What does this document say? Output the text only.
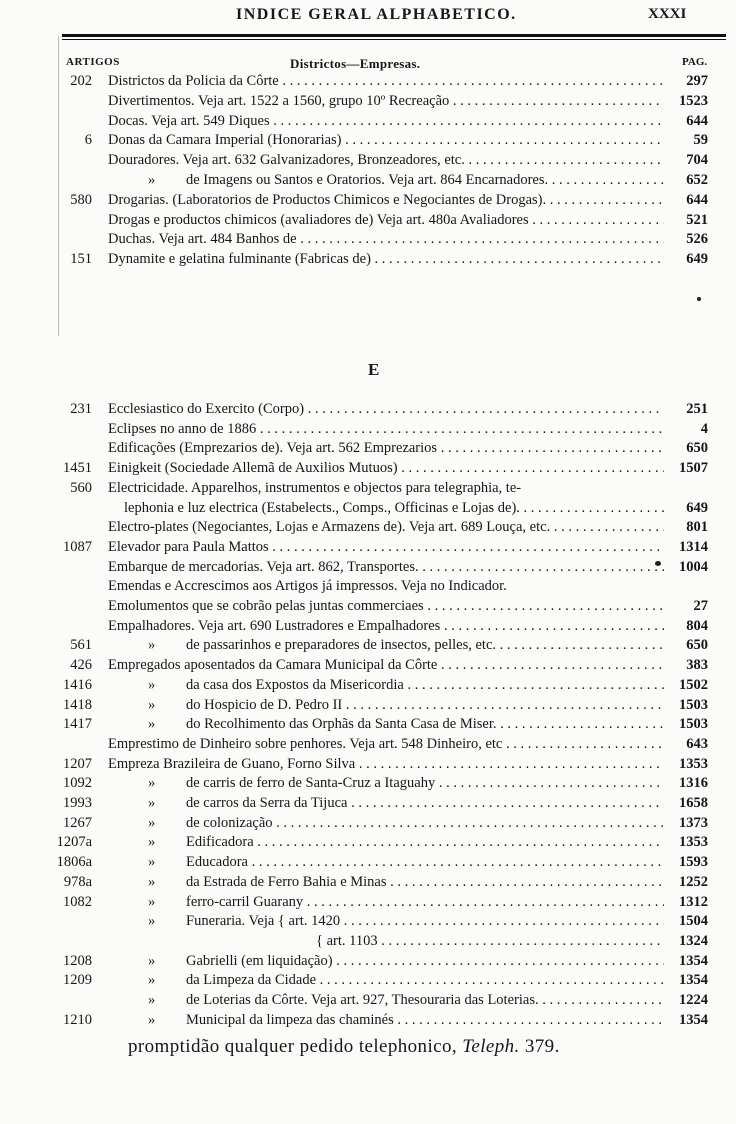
INDICE GERAL ALPHABETICO.	XXXI
ARTIGOS	Districtos—Empresas.	PAG.
202 Districtos da Policia da Côrte . . .	297
Divertimentos. Veja art. 1522 a 1560, grupo 10º Recreação . . .	1523
Docas. Veja art. 549 Diques . . .	644
6 Donas da Camara Imperial (Honorarias) . . .	59
Douradores. Veja art. 632 Galvanizadores, Bronzeadores, etc. . . .	704
» de Imagens ou Santos e Oratorios. Veja art. 864 Encarnadores. . . .	652
580 Drogarias. (Laboratorios de Productos Chimicos e Negociantes de Drogas). . . .	644
Drogas e productos chimicos (avaliadores de) Veja art. 480a Avaliadores . . .	521
Duchas. Veja art. 484 Banhos de . . .	526
151 Dynamite e gelatina fulminante (Fabricas de) . . .	649
E
231 Ecclesiastico do Exercito (Corpo) . . .	251
Eclipses no anno de 1886 . . .	4
Edificações (Emprezarios de). Veja art. 562 Emprezarios . . .	650
1451 Einigkeit (Sociedade Allemã de Auxilios Mutuos) . . .	1507
560 Electricidade. Apparelhos, instrumentos e objectos para telegraphia, te-
lephonia e luz electrica (Estabelects., Comps., Officinas e Lojas de). . . .	649
Electro-plates (Negociantes, Lojas e Armazens de). Veja art. 689 Louça, etc. . . .	801
1087 Elevador para Paula Mattos . . .	1314
Embarque de mercadorias. Veja art. 862, Transportes. . . .	1004
Emendas e Accrescimos aos Artigos já impressos. Veja no Indicador.
Emolumentos que se cobrão pelas juntas commerciaes . . .	27
Empalhadores. Veja art. 690 Lustradores e Empalhadores . . .	804
561	» de passarinhos e preparadores de insectos, pelles, etc. . . .	650
426 Empregados aposentados da Camara Municipal da Côrte . . .	383
1416	» da casa dos Expostos da Misericordia . . .	1502
1418	» do Hospicio de D. Pedro II . . .	1503
1417	» do Recolhimento das Orphãs da Santa Casa de Miser. . . .	1503
Emprestimo de Dinheiro sobre penhores. Veja art. 548 Dinheiro, etc . . .	643
1207 Empreza Brazileira de Guano, Forno Silva . . .	1353
1092	» de carris de ferro de Santa-Cruz a Itaguahy . . .	1316
1993	» de carros da Serra da Tijuca . . .	1658
1267	» de colonização . . .	1373
1207a	» Edificadora . . .	1353
1806a	» Educadora . . .	1593
978a	» da Estrada de Ferro Bahia e Minas . . .	1252
1082	» ferro-carril Guarany . . .	1312
» Funeraria. Veja { art. 1420 . . .	1504
{ art. 1103 . . .	1324
1208	» Gabrielli (em liquidação) . . .	1354
1209	» da Limpeza da Cidade . . .	1354
» de Loterias da Côrte. Veja art. 927, Thesouraria das Loterias. . . .	1224
1210	» Municipal da limpeza das chaminés . . .	1354
promptidão qualquer pedido telephonico, Teleph. 379.
